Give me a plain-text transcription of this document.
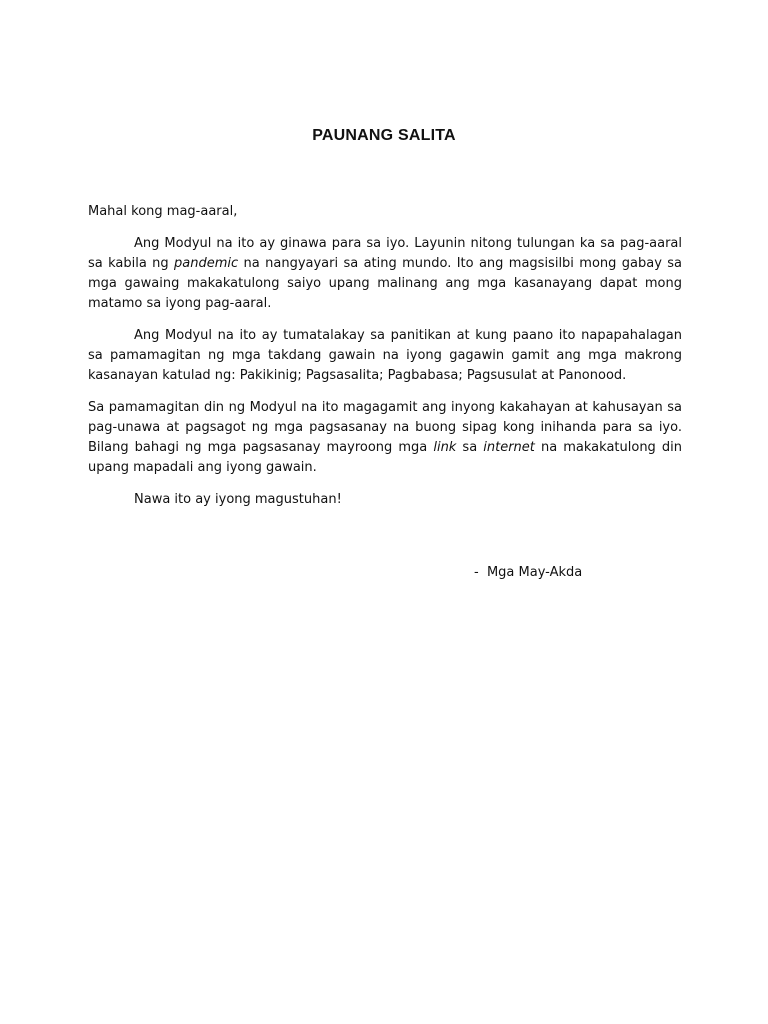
PAUNANG SALITA

Mahal kong mag-aaral,

Ang Modyul na ito ay ginawa para sa iyo. Layunin nitong tulungan ka sa pag-aaral sa kabila ng pandemic na nangyayari sa ating mundo. Ito ang magsisilbi mong gabay sa mga gawaing makakatulong saiyo upang malinang ang mga kasanayang dapat mong matamo sa iyong pag-aaral.

Ang Modyul na ito ay tumatalakay sa panitikan at kung paano ito napapahalagan sa pamamagitan ng mga takdang gawain na iyong gagawin gamit ang mga makrong kasanayan katulad ng: Pakikinig; Pagsasalita; Pagbabasa; Pagsusulat at Panonood.

Sa pamamagitan din ng Modyul na ito magagamit ang inyong kakahayan at kahusayan sa pag-unawa at pagsagot ng mga pagsasanay na buong sipag kong inihanda para sa iyo. Bilang bahagi ng mga pagsasanay mayroong mga link sa internet na makakatulong din upang mapadali ang iyong gawain.

Nawa ito ay iyong magustuhan!

-  Mga May-Akda
